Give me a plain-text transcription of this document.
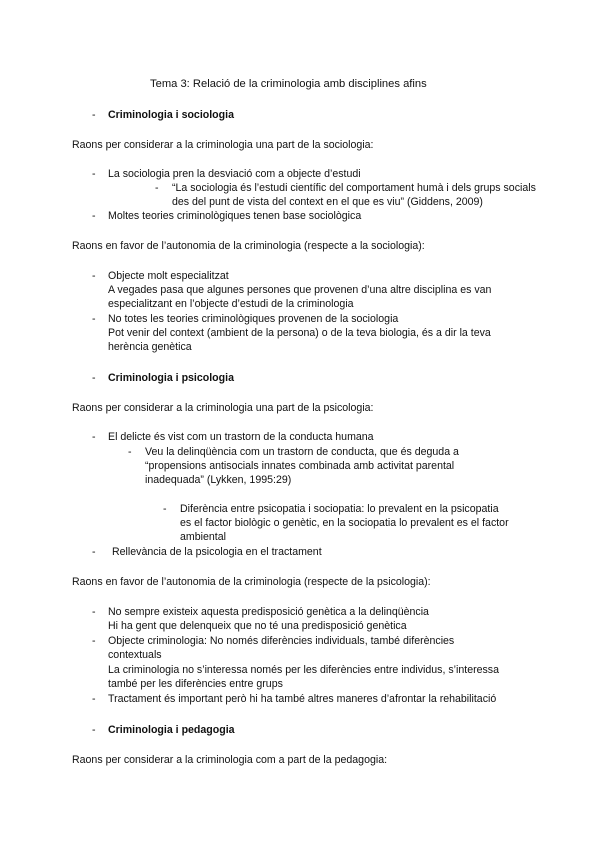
Tema 3: Relació de la criminologia amb disciplines afins
- Criminologia i sociologia
Raons per considerar a la criminologia una part de la sociologia:
- La sociologia pren la desviació com a objecte d’estudi
- “La sociologia és l’estudi científic del comportament humà i dels grups socials
des del punt de vista del context en el que es viu” (Giddens, 2009)
- Moltes teories criminològiques tenen base sociològica
Raons en favor de l’autonomia de la criminologia (respecte a la sociologia):
- Objecte molt especialitzat
A vegades pasa que algunes persones que provenen d’una altre disciplina es van
especialitzant en l’objecte d’estudi de la criminologia
- No totes les teories criminològiques provenen de la sociologia
Pot venir del context (ambient de la persona) o de la teva biologia, és a dir la teva
herència genètica
- Criminologia i psicologia
Raons per considerar a la criminologia una part de la psicologia:
- El delicte és vist com un trastorn de la conducta humana
- Veu la delinqüència com un trastorn de conducta, que és deguda a
“propensions antisocials innates combinada amb activitat parental
inadequada” (Lykken, 1995:29)
- Diferència entre psicopatia i sociopatia: lo prevalent en la psicopatia
es el factor biològic o genètic, en la sociopatia lo prevalent es el factor
ambiental
- Rellevància de la psicologia en el tractament
Raons en favor de l’autonomia de la criminologia (respecte de la psicologia):
- No sempre existeix aquesta predisposició genètica a la delinqüència
Hi ha gent que delenqueix que no té una predisposició genètica
- Objecte criminologia: No només diferències individuals, també diferències
contextuals
La criminologia no s’interessa només per les diferències entre individus, s’interessa
també per les diferències entre grups
- Tractament és important però hi ha també altres maneres d’afrontar la rehabilitació
- Criminologia i pedagogia
Raons per considerar a la criminologia com a part de la pedagogia:
